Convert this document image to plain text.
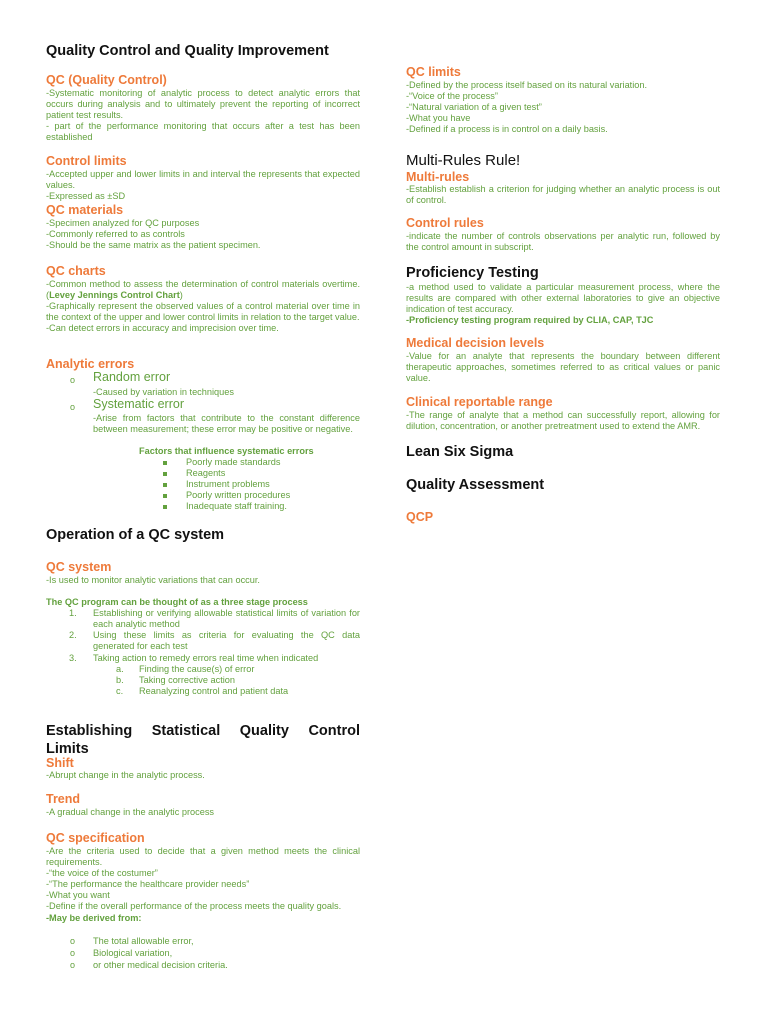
Quality Control and Quality Improvement
QC (Quality Control)

-Systematic monitoring of analytic process to detect analytic errors that occurs during analysis and to ultimately prevent the reporting of incorrect patient test results.

- part of the performance monitoring that occurs after a test has been established

Control limits

-Accepted upper and lower limits in and interval the represents that expected values.

-Expressed as ±SD

QC materials

-Specimen analyzed for QC purposes

-Commonly referred to as controls

-Should be the same matrix as the patient specimen.

QC charts

-Common method to assess the determination of control materials overtime. (Levey Jennings Control Chart)

-Graphically represent the observed values of a control material over time in the context of the upper and lower control limits in relation to the target value.

-Can detect errors in accuracy and imprecision over time.

Analytic errors
o Random error
-Caused by variation in techniques
o Systematic error
-Arise from factors that contribute to the constant difference between measurement; these error may be positive or negative.
Factors that influence systematic errors
Poorly made standards
Reagents
Instrument problems
Poorly written procedures
Inadequate staff training.
Operation of a QC system
QC system
-Is used to monitor analytic variations that can occur.
The QC program can be thought of as a three stage process
1. Establishing or verifying allowable statistical limits of variation for each analytic method
2. Using these limits as criteria for evaluating the QC data generated for each test
3. Taking action to remedy errors real time when indicated
a. Finding the cause(s) of error
b. Taking corrective action
c. Reanalyzing control and patient data
Establishing Statistical Quality Control Limits
Shift
-Abrupt change in the analytic process.
Trend
-A gradual change in the analytic process
QC specification

-Are the criteria used to decide that a given method meets the clinical requirements.

-“the voice of the costumer”

-“The performance the healthcare provider needs”

-What you want

-Define if the overall performance of the process meets the quality goals.

-May be derived from:

o The total allowable error,
o Biological variation,
o or other medical decision criteria.
QC limits

-Defined by the process itself based on its natural variation.

-“Voice of the process”

-“Natural variation of a given test”

-What you have

-Defined if a process is in control on a daily basis.

Multi-Rules Rule!
Multi-rules
-Establish establish a criterion for judging whether an analytic process is out of control.
Control rules
-indicate the number of controls observations per analytic run, followed by the control amount in subscript.
Proficiency Testing

-a method used to validate a particular measurement process, where the results are compared with other external laboratories to give an objective indication of test accuracy.

-Proficiency testing program required by CLIA, CAP, TJC

Medical decision levels
-Value for an analyte that represents the boundary between different therapeutic approaches, sometimes referred to as critical values or panic value.
Clinical reportable range
-The range of analyte that a method can successfully report, allowing for dilution, concentration, or another pretreatment used to extend the AMR.
Lean Six Sigma
Quality Assessment
QCP
